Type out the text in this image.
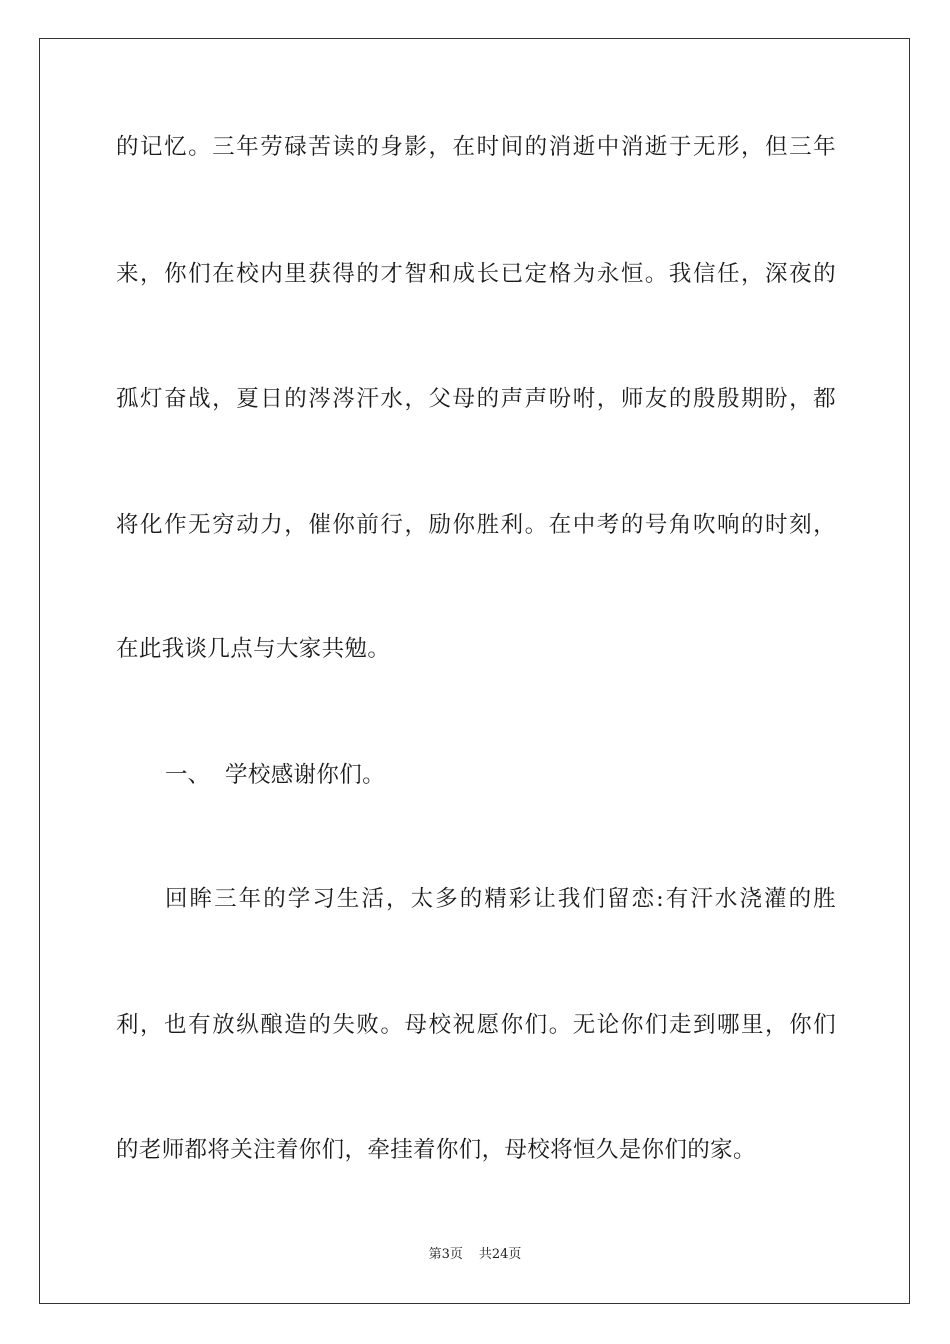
的记忆。三年劳碌苦读的身影，在时间的消逝中消逝于无形，但三年
来，你们在校内里获得的才智和成长已定格为永恒。我信任，深夜的
孤灯奋战，夏日的涔涔汗水，父母的声声吩咐，师友的殷殷期盼，都
将化作无穷动力，催你前行，励你胜利。在中考的号角吹响的时刻，
在此我谈几点与大家共勉。
一、 学校感谢你们。
回眸三年的学习生活，太多的精彩让我们留恋:有汗水浇灌的胜
利，也有放纵酿造的失败。母校祝愿你们。无论你们走到哪里，你们
的老师都将关注着你们，牵挂着你们，母校将恒久是你们的家。
第3页 共24页
